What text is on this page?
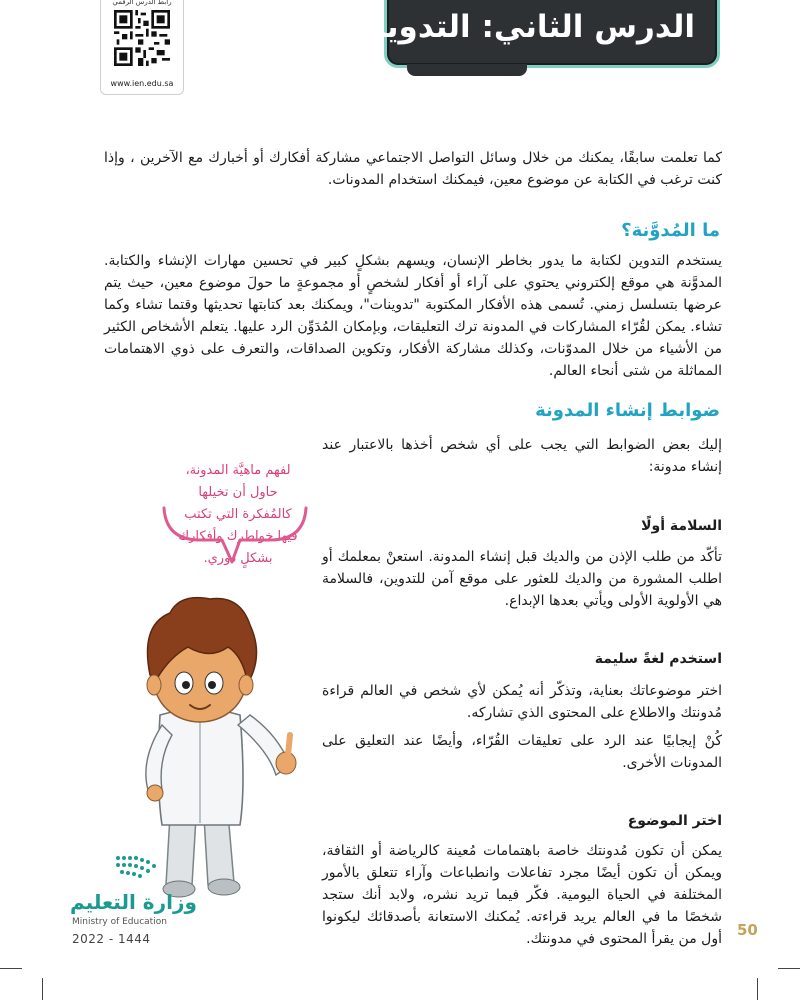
رابط الدرس الرقمي
www.ien.edu.sa
الدرس الثاني: التدوين
كما تعلمت سابقًا، يمكنك من خلال وسائل التواصل الاجتماعي مشاركة أفكارك أو أخبارك مع الآخرين ، وإذا كنت ترغب في الكتابة عن موضوع معين، فيمكنك استخدام المدونات.
ما المُدوَّنة؟
يستخدم التدوين لكتابة ما يدور بخاطر الإنسان، ويسهم بشكلٍ كبير في تحسين مهارات الإنشاء والكتابة. المدوَّنة هي موقع إلكتروني يحتوي على آراء أو أفكار لشخصٍ أو مجموعةٍ ما حولَ موضوع معين، حيث يتم عرضها بتسلسل زمني. تُسمى هذه الأفكار المكتوبة "تدوينات"، ويمكنك بعد كتابتها تحديثها وقتما تشاء وكما تشاء. يمكن لقُرّاء المشاركات في المدونة ترك التعليقات، وبإمكان المُدَوِّن الرد عليها. يتعلم الأشخاص الكثير من الأشياء من خلال المدوّنات، وكذلك مشاركة الأفكار، وتكوين الصداقات، والتعرف على ذوي الاهتمامات المماثلة من شتى أنحاء العالم.
ضوابط إنشاء المدونة
إليك بعض الضوابط التي يجب على أي شخص أخذها بالاعتبار عند إنشاء مدونة:
السلامة أولًا
تأكّد من طلب الإذن من والديك قبل إنشاء المدونة. استعنْ بمعلمك أو اطلب المشورة من والديك للعثور على موقع آمن للتدوين، فالسلامة هي الأولوية الأولى ويأتي بعدها الإبداع.
استخدم لغةً سليمة
اختر موضوعاتك بعناية، وتذكّر أنه يُمكن لأي شخص في العالم قراءة مُدونتك والاطلاع على المحتوى الذي تشاركه.
كُنْ إيجابيًا عند الرد على تعليقات القُرّاء، وأيضًا عند التعليق على المدونات الأخرى.
اختر الموضوع
يمكن أن تكون مُدونتك خاصة باهتمامات مُعينة كالرياضة أو الثقافة، ويمكن أن تكون أيضًا مجرد تفاعلات وانطباعات وآراء تتعلق بالأمور المختلفة في الحياة اليومية. فكّر فيما تريد نشره، ولابد أنك ستجد شخصًا ما في العالم يريد قراءته. يُمكنك الاستعانة بأصدقائك ليكونوا أول من يقرأ المحتوى في مدونتك.
لفهم ماهيَّة المدونة، حاول أن تخيلها كالمُفكرة التي تكتب فيها خواطرك وأفكارك بشكلٍ دوري.
وزارة التعليم
Ministry of Education
2022 - 1444	50
